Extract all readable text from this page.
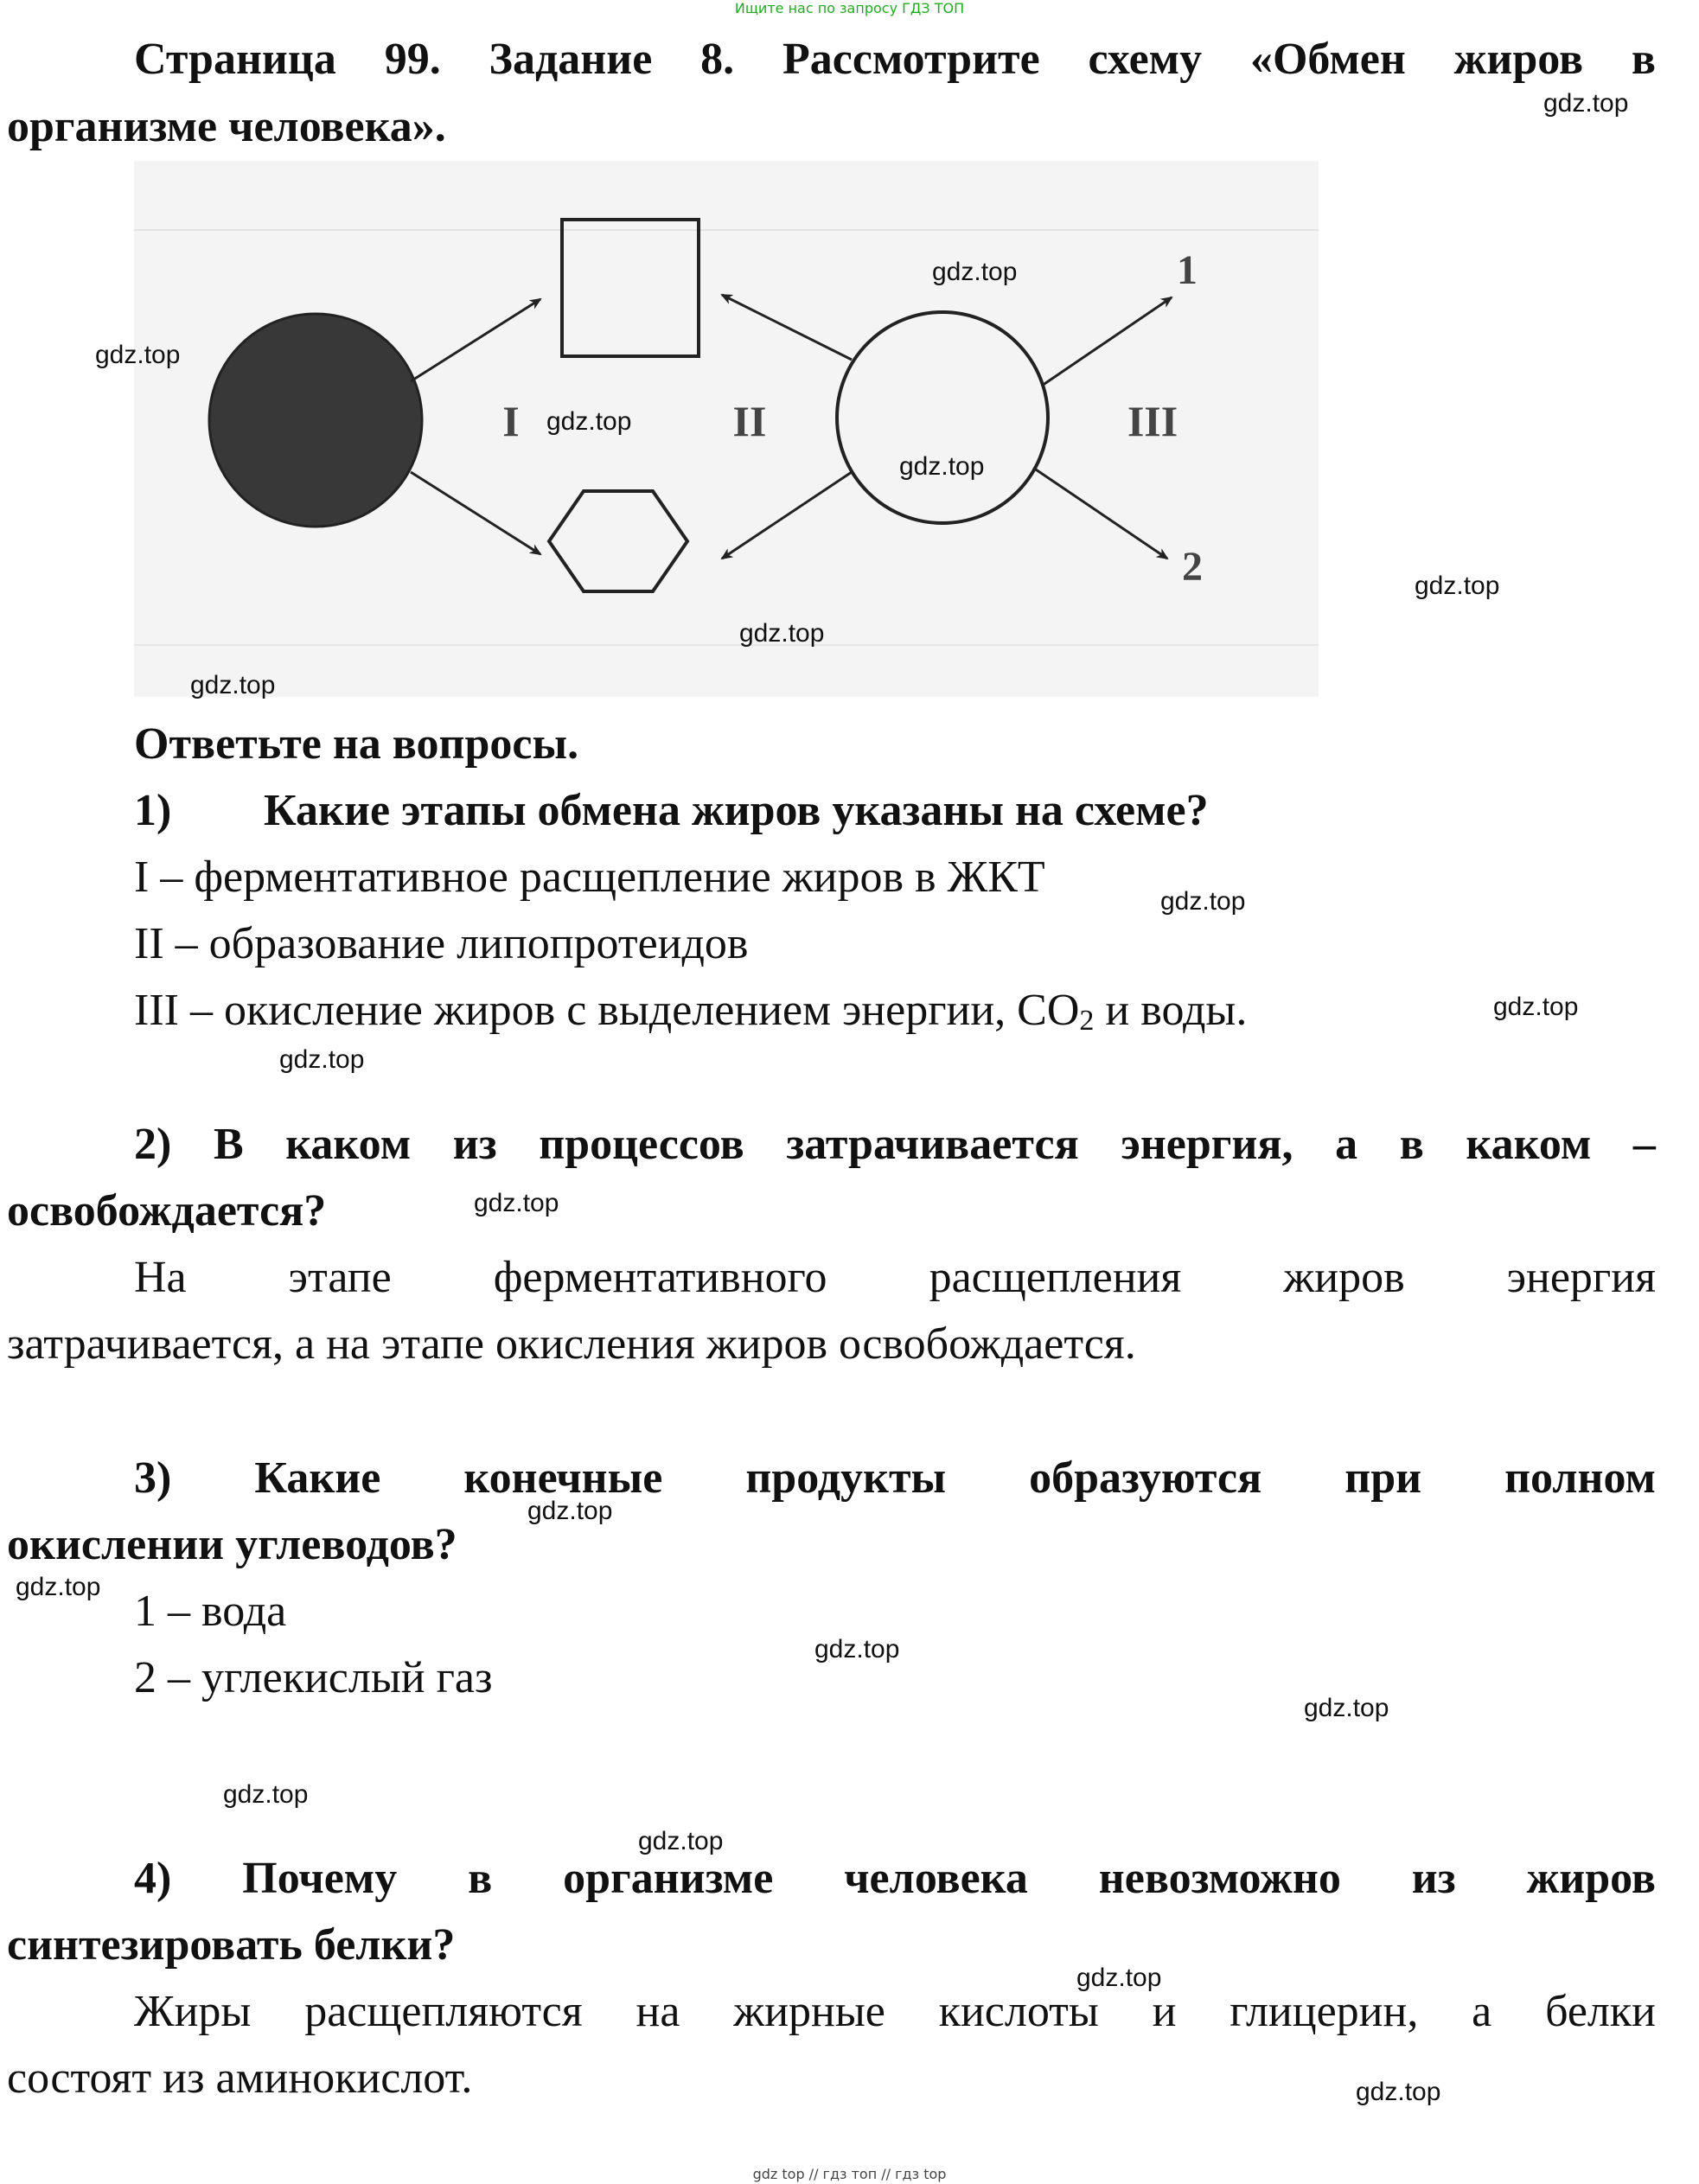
Ищите нас по запросу ГДЗ ТОП
Страница 99. Задание 8. Рассмотрите схему «Обмен жиров в
организме человека».
I	II	III
1
2
Ответьте на вопросы.
1) Какие этапы обмена жиров указаны на схеме?
I – ферментативное расщепление жиров в ЖКТ
II – образование липопротеидов
III – окисление жиров с выделением энергии, $СО_2$ и воды.
2) В каком из процессов затрачивается энергия, а в каком –
освобождается?
На этапе ферментативного расщепления жиров энергия
затрачивается, а на этапе окисления жиров освобождается.
3) Какие конечные продукты образуются при полном
окислении углеводов?
1 – вода
2 – углекислый газ
4) Почему в организме человека невозможно из жиров
синтезировать белки?
Жиры расщепляются на жирные кислоты и глицерин, а белки
состоят из аминокислот.
gdz.top
gdz.top
gdz.top
gdz.top
gdz.top
gdz.top
gdz.top
gdz.top
gdz.top
gdz.top
gdz.top
gdz.top
gdz.top
gdz.top
gdz.top
gdz.top
gdz.top
gdz.top
gdz.top
gdz.top
gdz top // гдз топ // гдз top
